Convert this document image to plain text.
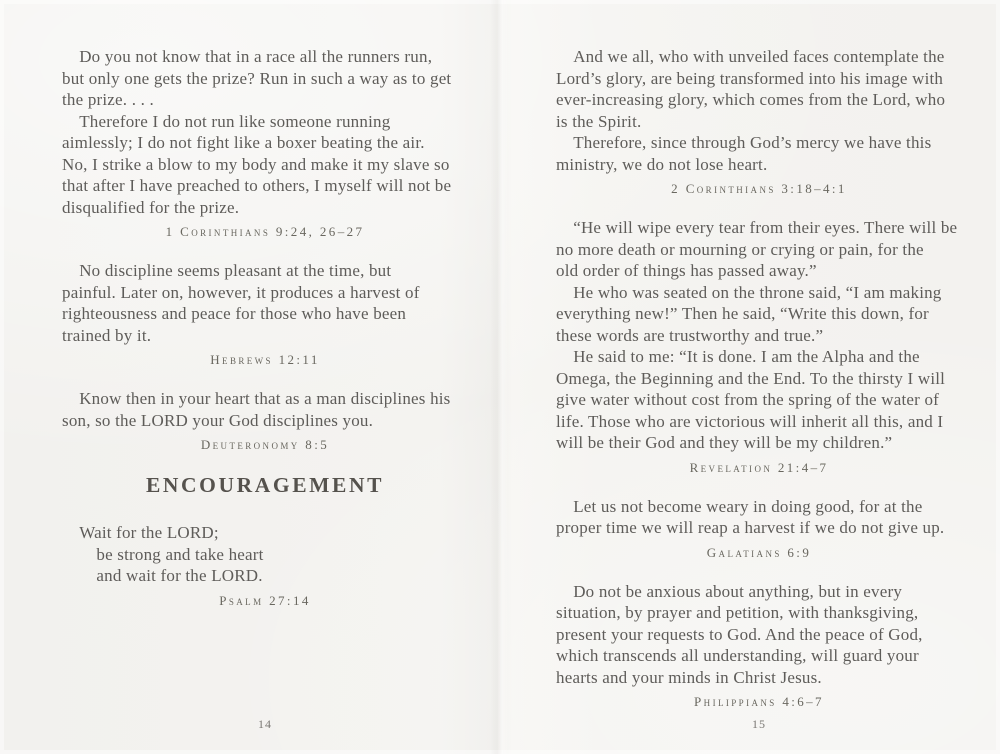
 Do you not know that in a race all the runners run,
but only one gets the prize? Run in such a way as to get
the prize. . . .
 Therefore I do not run like someone running
aimlessly; I do not fight like a boxer beating the air.
No, I strike a blow to my body and make it my slave so
that after I have preached to others, I myself will not be
disqualified for the prize.
1 Corinthians 9:24, 26–27
 No discipline seems pleasant at the time, but
painful. Later on, however, it produces a harvest of
righteousness and peace for those who have been
trained by it.
Hebrews 12:11
 Know then in your heart that as a man disciplines his
son, so the LORD your God disciplines you.
Deuteronomy 8:5
ENCOURAGEMENT
 Wait for the LORD;
  be strong and take heart
  and wait for the LORD.
Psalm 27:14
14
 And we all, who with unveiled faces contemplate the
Lord’s glory, are being transformed into his image with
ever-increasing glory, which comes from the Lord, who
is the Spirit.
 Therefore, since through God’s mercy we have this
ministry, we do not lose heart.
2 Corinthians 3:18–4:1
 “He will wipe every tear from their eyes. There will be
no more death or mourning or crying or pain, for the
old order of things has passed away.”
 He who was seated on the throne said, “I am making
everything new!” Then he said, “Write this down, for
these words are trustworthy and true.”
 He said to me: “It is done. I am the Alpha and the
Omega, the Beginning and the End. To the thirsty I will
give water without cost from the spring of the water of
life. Those who are victorious will inherit all this, and I
will be their God and they will be my children.”
Revelation 21:4–7
 Let us not become weary in doing good, for at the
proper time we will reap a harvest if we do not give up.
Galatians 6:9
 Do not be anxious about anything, but in every
situation, by prayer and petition, with thanksgiving,
present your requests to God. And the peace of God,
which transcends all understanding, will guard your
hearts and your minds in Christ Jesus.
Philippians 4:6–7
15
